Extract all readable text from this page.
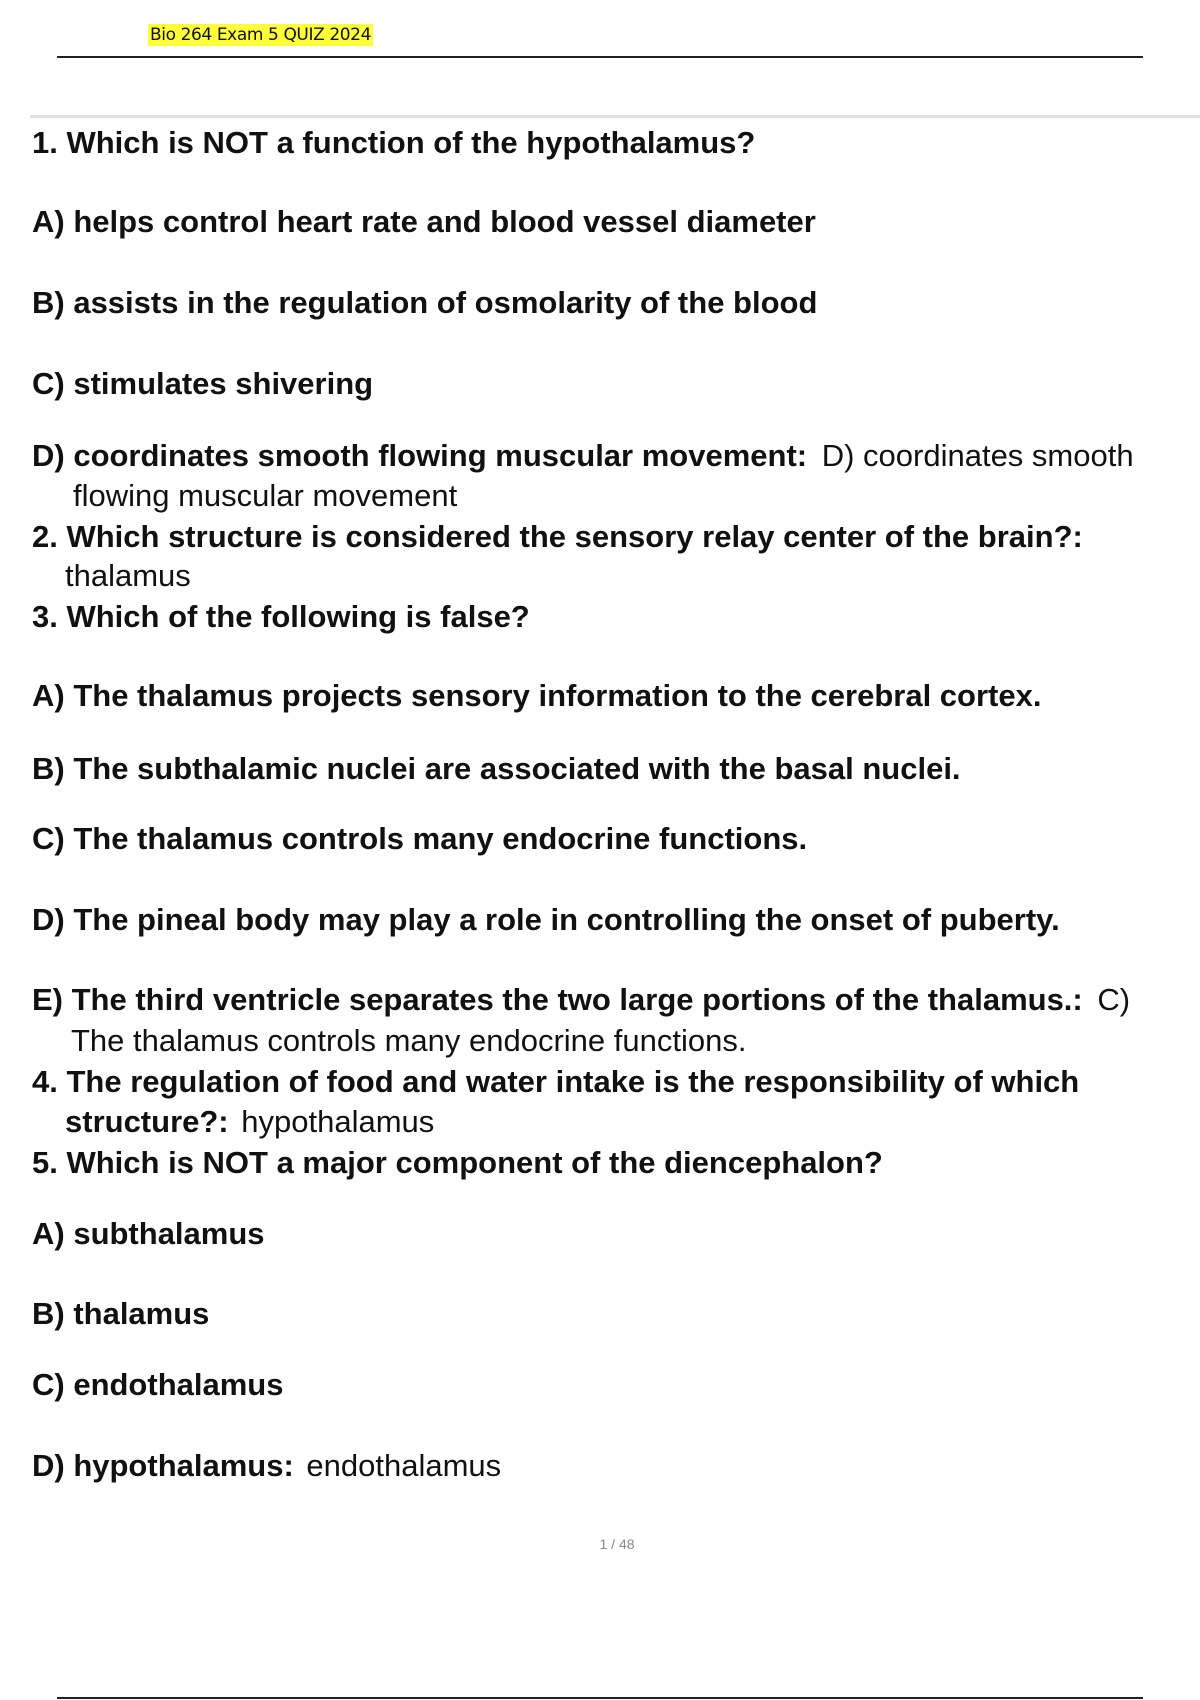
Bio 264 Exam 5 QUIZ 2024
1. Which is NOT a function of the hypothalamus?
A) helps control heart rate and blood vessel diameter
B) assists in the regulation of osmolarity of the blood
C) stimulates shivering
D) coordinates smooth flowing muscular movement: D) coordinates smooth
flowing muscular movement
2. Which structure is considered the sensory relay center of the brain?:
thalamus
3. Which of the following is false?
A) The thalamus projects sensory information to the cerebral cortex.
B) The subthalamic nuclei are associated with the basal nuclei.
C) The thalamus controls many endocrine functions.
D) The pineal body may play a role in controlling the onset of puberty.
E) The third ventricle separates the two large portions of the thalamus.: C)
The thalamus controls many endocrine functions.
4. The regulation of food and water intake is the responsibility of which
structure?: hypothalamus
5. Which is NOT a major component of the diencephalon?
A) subthalamus
B) thalamus
C) endothalamus
D) hypothalamus: endothalamus
1 / 48
